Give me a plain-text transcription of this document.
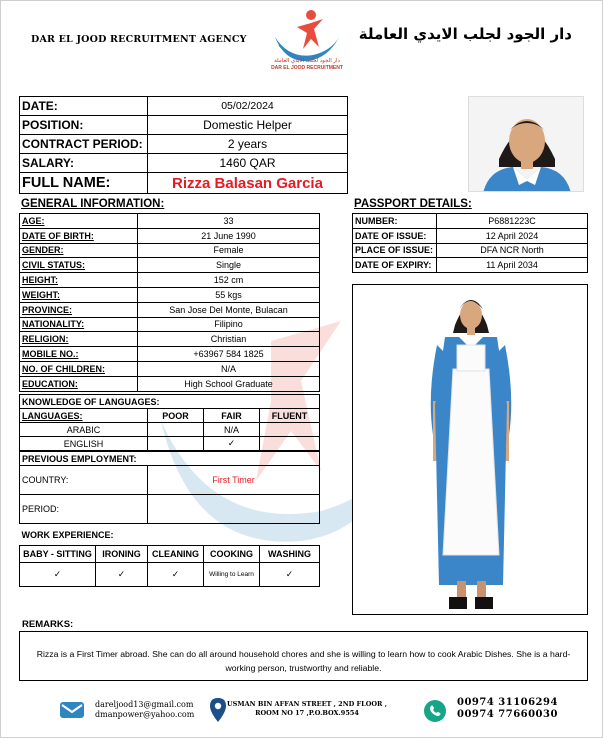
DAR EL JOOD RECRUITMENT AGENCY
دار الجود لجلب الايدي العاملة
DAR EL JOOD RECRUITMENT
دار الجود لجلب الايدي العاملة
DATE:	05/02/2024
POSITION:	Domestic Helper
CONTRACT PERIOD:	2 years
SALARY:	1460 QAR
FULL NAME:	Rizza Balasan Garcia
GENERAL INFORMATION:	PASSPORT DETAILS:
AGE:	33
DATE OF BIRTH:	21 June 1990
GENDER:	Female
CIVIL STATUS:	Single
HEIGHT:	152 cm
WEIGHT:	55 kgs
PROVINCE:	San Jose Del Monte, Bulacan
NATIONALITY:	Filipino
RELIGION:	Christian
MOBILE NO.:	+63967 584 1825
NO. OF CHILDREN:	N/A
EDUCATION:	High School Graduate
NUMBER:	P6881223C
DATE OF ISSUE:	12 April 2024
PLACE OF ISSUE:	DFA NCR North
DATE OF EXPIRY:	11 April 2034
KNOWLEDGE OF LANGUAGES:			
LANGUAGES:	POOR	FAIR	FLUENT
ARABIC		N/A	
ENGLISH		✓	
PREVIOUS EMPLOYMENT:	
COUNTRY:	First Timer
PERIOD:	
WORK EXPERIENCE:				
BABY - SITTING	IRONING	CLEANING	COOKING	WASHING
✓	✓	✓	Willing to Learn	✓
REMARKS:
Rizza is a First Timer abroad. She can do all around household chores and she is willing to learn how to cook Arabic Dishes. She is a hard-working person, trustworthy and reliable.
dareljood13@gmail.com
dmanpower@yahoo.com
USMAN BIN AFFAN STREET , 2ND FLOOR ,
ROOM NO 17 ,P.O.BOX.9554
00974 31106294
00974 77660030
